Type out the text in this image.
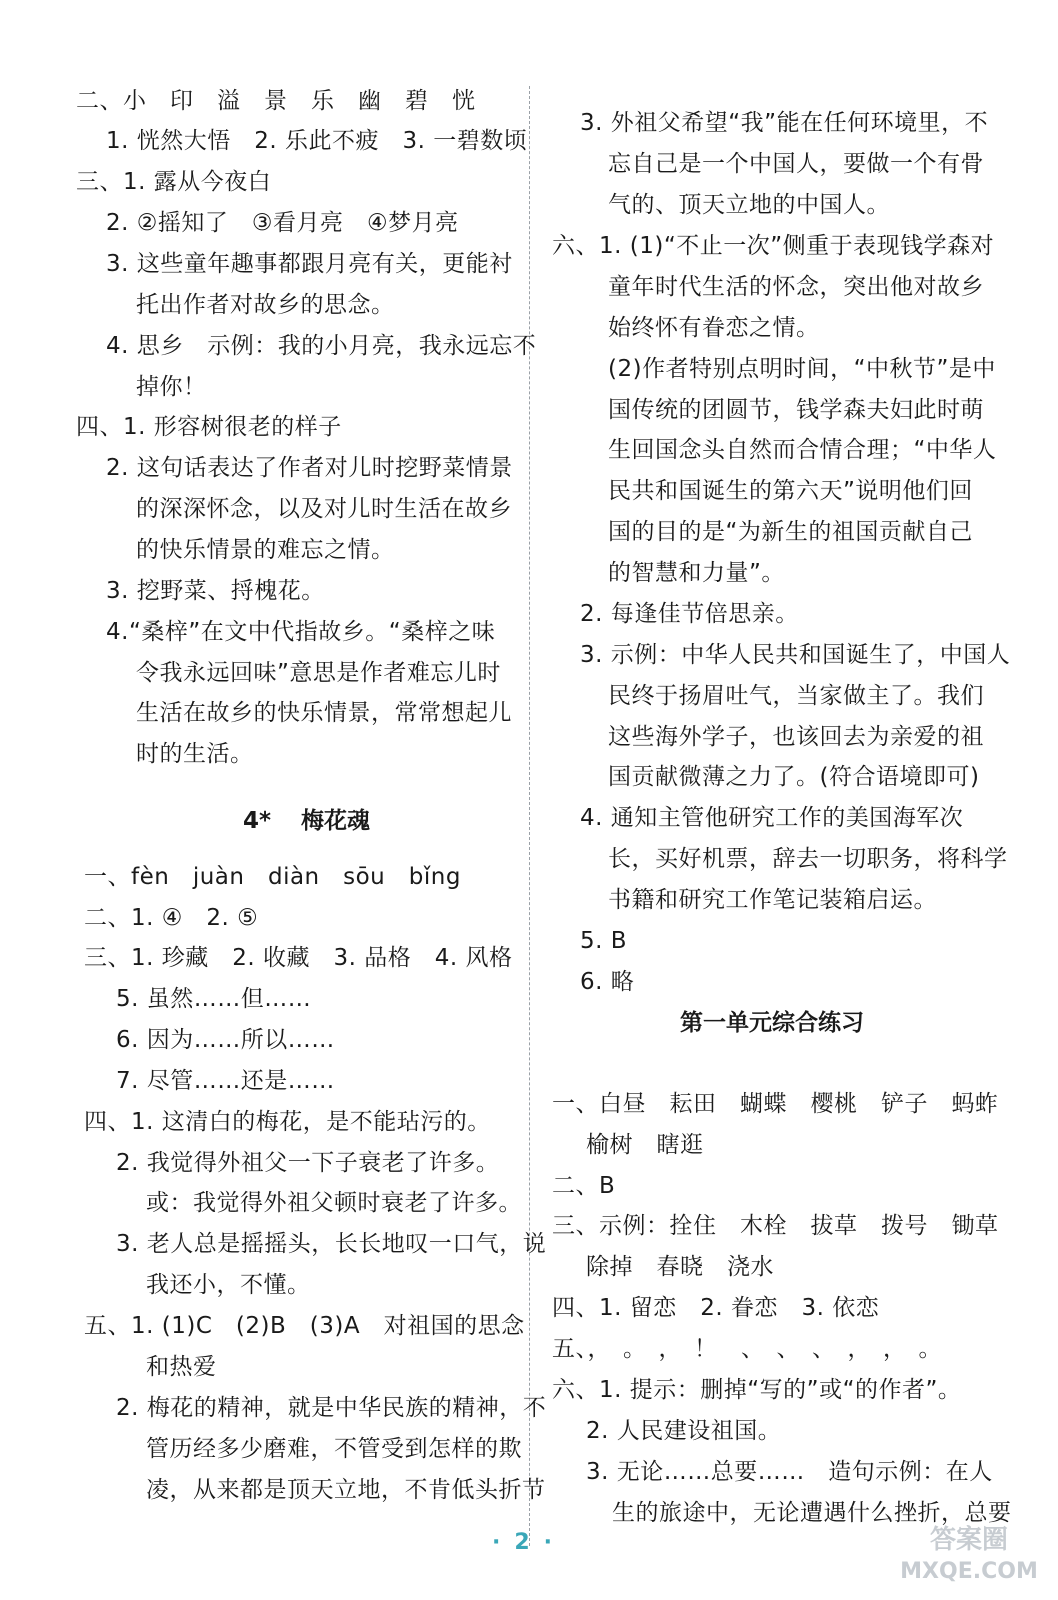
二、小　印　溢　景　乐　幽　碧　恍
1. 恍然大悟　2. 乐此不疲　3. 一碧数顷
三、1. 露从今夜白
2. ②摇知了　③看月亮　④梦月亮
3. 这些童年趣事都跟月亮有关，更能衬
托出作者对故乡的思念。
4. 思乡　示例：我的小月亮，我永远忘不
掉你！
四、1. 形容树很老的样子
2. 这句话表达了作者对儿时挖野菜情景
的深深怀念，以及对儿时生活在故乡
的快乐情景的难忘之情。
3. 挖野菜、捋槐花。
4.“桑梓”在文中代指故乡。“桑梓之味
令我永远回味”意思是作者难忘儿时
生活在故乡的快乐情景，常常想起儿
时的生活。
一、fèn　juàn　diàn　sōu　bǐng
二、1. ④　2. ⑤
三、1. 珍藏　2. 收藏　3. 品格　4. 风格
5. 虽然……但……
6. 因为……所以……
7. 尽管……还是……
四、1. 这清白的梅花，是不能玷污的。
2. 我觉得外祖父一下子衰老了许多。
或：我觉得外祖父顿时衰老了许多。
3. 老人总是摇摇头，长长地叹一口气，说
我还小，不懂。
五、1. (1)C　(2)B　(3)A　对祖国的思念
和热爱
2. 梅花的精神，就是中华民族的精神，不
管历经多少磨难，不管受到怎样的欺
凌，从来都是顶天立地，不肯低头折节
3. 外祖父希望“我”能在任何环境里，不
忘自己是一个中国人，要做一个有骨
气的、顶天立地的中国人。
六、1. (1)“不止一次”侧重于表现钱学森对
童年时代生活的怀念，突出他对故乡
始终怀有眷恋之情。
(2)作者特别点明时间，“中秋节”是中
国传统的团圆节，钱学森夫妇此时萌
生回国念头自然而合情合理；“中华人
民共和国诞生的第六天”说明他们回
国的目的是“为新生的祖国贡献自己
的智慧和力量”。
2. 每逢佳节倍思亲。
3. 示例：中华人民共和国诞生了，中国人
民终于扬眉吐气，当家做主了。我们
这些海外学子，也该回去为亲爱的祖
国贡献微薄之力了。(符合语境即可)
4. 通知主管他研究工作的美国海军次
长，买好机票，辞去一切职务，将科学
书籍和研究工作笔记装箱启运。
5. B
6. 略
一、白昼　耘田　蝴蝶　樱桃　铲子　蚂蚱
榆树　瞎逛
二、B
三、示例：拴住　木栓　拔草　拨号　锄草
除掉　春晓　浇水
四、1. 留恋　2. 眷恋　3. 依恋
五、，　。　，　！　、　、　、　，　，　。
六、1. 提示：删掉“写的”或“的作者”。
2. 人民建设祖国。
3. 无论……总要……　造句示例：在人
生的旅途中，无论遭遇什么挫折，总要
4* 梅花魂
第一单元综合练习
·2·	答案圈
MXQE.COM
